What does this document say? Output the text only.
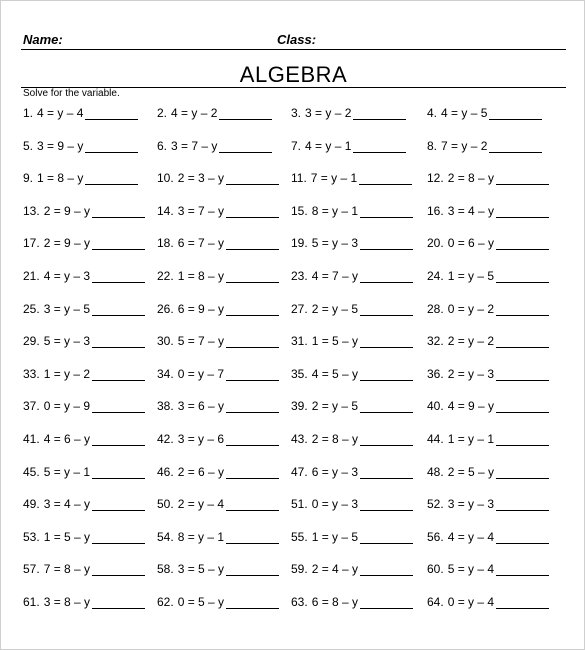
Name:	Class:
ALGEBRA
Solve for the variable.
1. 4 = y – 4	2. 4 = y – 2	3. 3 = y – 2	4. 4 = y – 5
5. 3 = 9 – y	6. 3 = 7 – y	7. 4 = y – 1	8. 7 = y – 2
9. 1 = 8 – y	10. 2 = 3 – y	11. 7 = y – 1	12. 2 = 8 – y
13. 2 = 9 – y	14. 3 = 7 – y	15. 8 = y – 1	16. 3 = 4 – y
17. 2 = 9 – y	18. 6 = 7 – y	19. 5 = y – 3	20. 0 = 6 – y
21. 4 = y – 3	22. 1 = 8 – y	23. 4 = 7 – y	24. 1 = y – 5
25. 3 = y – 5	26. 6 = 9 – y	27. 2 = y – 5	28. 0 = y – 2
29. 5 = y – 3	30. 5 = 7 – y	31. 1 = 5 – y	32. 2 = y – 2
33. 1 = y – 2	34. 0 = y – 7	35. 4 = 5 – y	36. 2 = y – 3
37. 0 = y – 9	38. 3 = 6 – y	39. 2 = y – 5	40. 4 = 9 – y
41. 4 = 6 – y	42. 3 = y – 6	43. 2 = 8 – y	44. 1 = y – 1
45. 5 = y – 1	46. 2 = 6 – y	47. 6 = y – 3	48. 2 = 5 – y
49. 3 = 4 – y	50. 2 = y – 4	51. 0 = y – 3	52. 3 = y – 3
53. 1 = 5 – y	54. 8 = y – 1	55. 1 = y – 5	56. 4 = y – 4
57. 7 = 8 – y	58. 3 = 5 – y	59. 2 = 4 – y	60. 5 = y – 4
61. 3 = 8 – y	62. 0 = 5 – y	63. 6 = 8 – y	64. 0 = y – 4
